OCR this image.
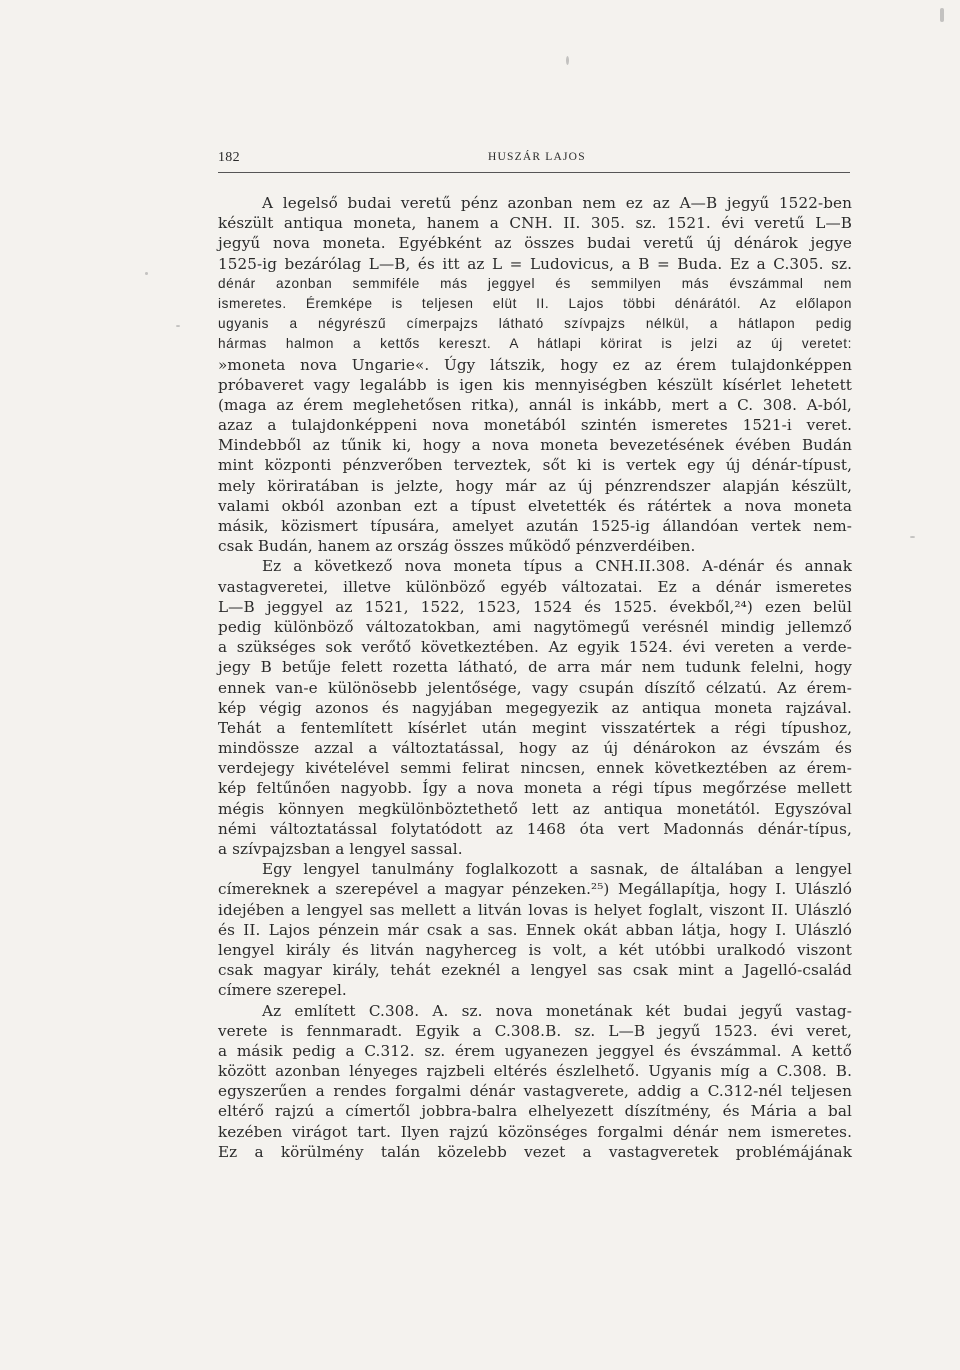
182	HUSZÁR LAJOS
A legelső budai veretű pénz azonban nem ez az A—B jegyű 1522-ben
készült antiqua moneta, hanem a CNH. II. 305. sz. 1521. évi veretű L—B
jegyű nova moneta. Egyébként az összes budai veretű új dénárok jegye
1525-ig bezárólag L—B, és itt az L = Ludovicus, a B = Buda. Ez a C.305. sz.
dénár azonban semmiféle más jeggyel és semmilyen más évszámmal nem
ismeretes. Éremképe is teljesen elüt II. Lajos többi dénárától. Az előlapon
ugyanis a négyrészű címerpajzs látható szívpajzs nélkül, a hátlapon pedig
hármas halmon a kettős kereszt. A hátlapi körirat is jelzi az új veretet:
»moneta nova Ungarie«. Úgy látszik, hogy ez az érem tulajdonképpen
próbaveret vagy legalább is igen kis mennyiségben készült kísérlet lehetett
(maga az érem meglehetősen ritka), annál is inkább, mert a C. 308. A-ból,
azaz a tulajdonképpeni nova monetából szintén ismeretes 1521-i veret.
Mindebből az tűnik ki, hogy a nova moneta bevezetésének évében Budán
mint központi pénzverőben terveztek, sőt ki is vertek egy új dénár-típust,
mely köriratában is jelzte, hogy már az új pénzrendszer alapján készült,
valami okból azonban ezt a típust elvetették és rátértek a nova moneta
másik, közismert típusára, amelyet azután 1525-ig állandóan vertek nem-
csak Budán, hanem az ország összes működő pénzverdéiben.
Ez a következő nova moneta típus a CNH.II.308. A-dénár és annak
vastagveretei, illetve különböző egyéb változatai. Ez a dénár ismeretes
L—B jeggyel az 1521, 1522, 1523, 1524 és 1525. évekből,²⁴) ezen belül
pedig különböző változatokban, ami nagytömegű verésnél mindig jellemző
a szükséges sok verőtő következtében. Az egyik 1524. évi vereten a verde-
jegy B betűje felett rozetta látható, de arra már nem tudunk felelni, hogy
ennek van-e különösebb jelentősége, vagy csupán díszítő célzatú. Az érem-
kép végig azonos és nagyjában megegyezik az antiqua moneta rajzával.
Tehát a fentemlített kísérlet után megint visszatértek a régi típushoz,
mindössze azzal a változtatással, hogy az új dénárokon az évszám és
verdejegy kivételével semmi felirat nincsen, ennek következtében az érem-
kép feltűnően nagyobb. Így a nova moneta a régi típus megőrzése mellett
mégis könnyen megkülönböztethető lett az antiqua monetától. Egyszóval
némi változtatással folytatódott az 1468 óta vert Madonnás dénár-típus,
a szívpajzsban a lengyel sassal.
Egy lengyel tanulmány foglalkozott a sasnak, de általában a lengyel
címereknek a szerepével a magyar pénzeken.²⁵) Megállapítja, hogy I. Ulászló
idejében a lengyel sas mellett a litván lovas is helyet foglalt, viszont II. Ulászló
és II. Lajos pénzein már csak a sas. Ennek okát abban látja, hogy I. Ulászló
lengyel király és litván nagyherceg is volt, a két utóbbi uralkodó viszont
csak magyar király, tehát ezeknél a lengyel sas csak mint a Jagelló-család
címere szerepel.
Az említett C.308. A. sz. nova monetának két budai jegyű vastag-
verete is fennmaradt. Egyik a C.308.B. sz. L—B jegyű 1523. évi veret,
a másik pedig a C.312. sz. érem ugyanezen jeggyel és évszámmal. A kettő
között azonban lényeges rajzbeli eltérés észlelhető. Ugyanis míg a C.308. B.
egyszerűen a rendes forgalmi dénár vastagverete, addig a C.312-nél teljesen
eltérő rajzú a címertől jobbra-balra elhelyezett díszítmény, és Mária a bal
kezében virágot tart. Ilyen rajzú közönséges forgalmi dénár nem ismeretes.
Ez a körülmény talán közelebb vezet a vastagveretek problémájának
